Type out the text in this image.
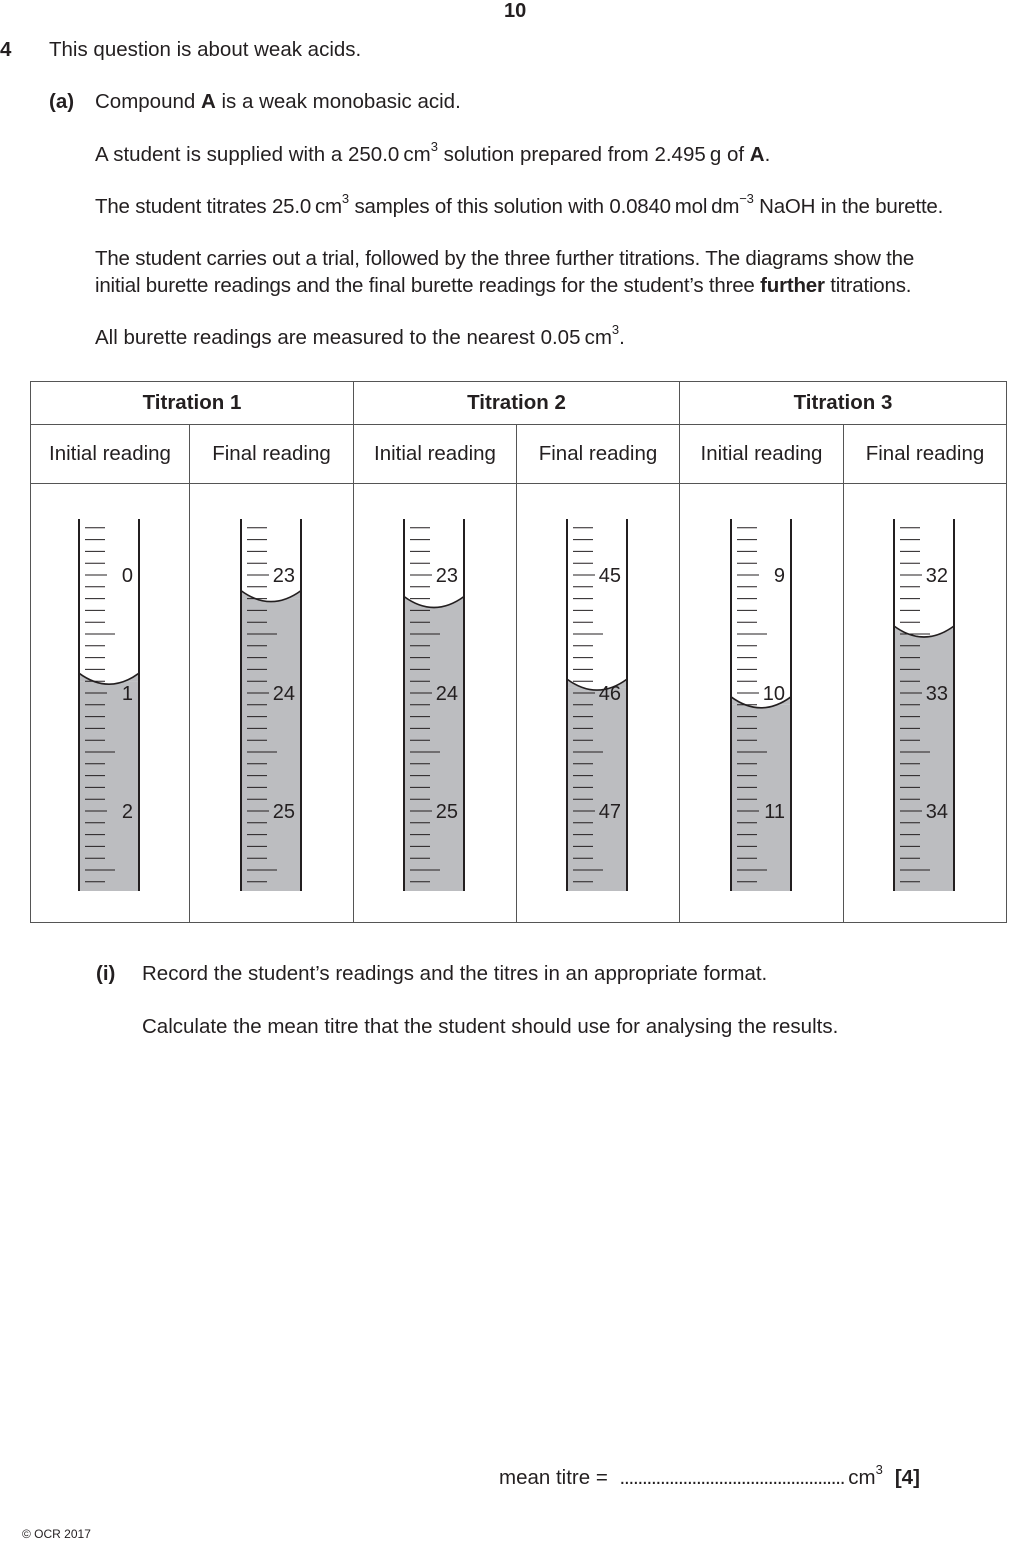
10
4 This question is about weak acids.
(a) Compound A is a weak monobasic acid.
A student is supplied with a 250.0 $cm^3$ solution prepared from 2.495 g of A.
The student titrates 25.0 $cm^3$ samples of this solution with 0.0840 mol $dm^{-3}$ NaOH in the burette.
The student carries out a trial, followed by the three further titrations. The diagrams show the
initial burette readings and the final burette readings for the student’s three further titrations.
All burette readings are measured to the nearest 0.05 $cm^3$.
Titration 1		Titration 2		Titration 3	
Initial reading	Final reading	Initial reading	Final reading	Initial reading	Final reading

0
1
2	23
24
25	23
24
25	45
46
47	9
10
11	32
33
34
(i) Record the student’s readings and the titres in an appropriate format.
Calculate the mean titre that the student should use for analysing the results.
mean titre = .................................................. $cm^3$ [4]
© OCR 2017
